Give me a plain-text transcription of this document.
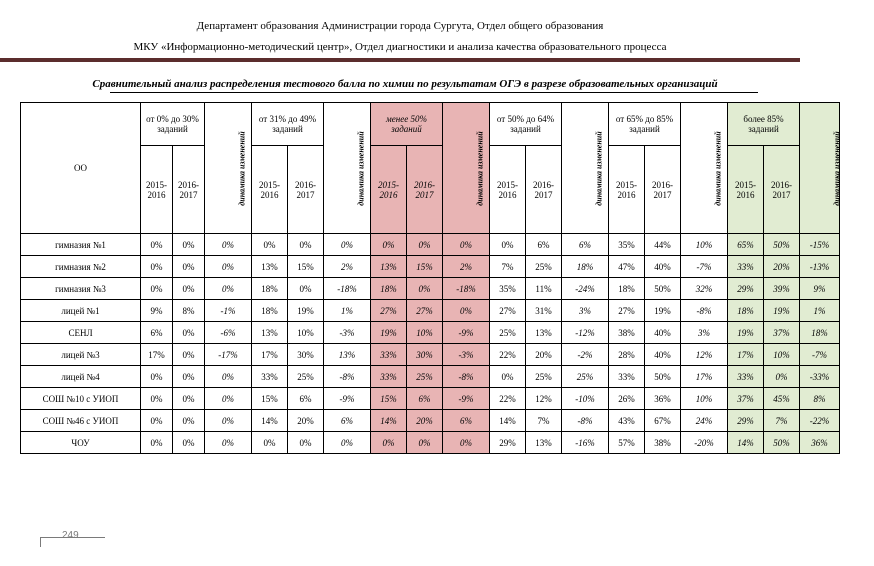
Департамент образования Администрации города Сургута, Отдел общего образования
МКУ «Информационно-методический центр», Отдел диагностики и анализа качества образовательного процесса
Сравнительный анализ распределения тестового балла по химии по результатам ОГЭ в разрезе образовательных организаций
ОО	от 0% до 30% заданий		динамика изменений	от 31% до 49% заданий		динамика изменений	менее 50% заданий		динамика изменений	от 50% до 64% заданий		динамика изменений	от 65% до 85% заданий		динамика изменений	более 85% заданий		динамика изменений
	2015-2016	2016-2017		2015-2016	2016-2017		2015-2016	2016-2017		2015-2016	2016-2017		2015-2016	2016-2017		2015-2016	2016-2017	
гимназия №1	0%	0%	0%	0%	0%	0%	0%	0%	0%	0%	6%	6%	35%	44%	10%	65%	50%	-15%
гимназия №2	0%	0%	0%	13%	15%	2%	13%	15%	2%	7%	25%	18%	47%	40%	-7%	33%	20%	-13%
гимназия №3	0%	0%	0%	18%	0%	-18%	18%	0%	-18%	35%	11%	-24%	18%	50%	32%	29%	39%	9%
лицей №1	9%	8%	-1%	18%	19%	1%	27%	27%	0%	27%	31%	3%	27%	19%	-8%	18%	19%	1%
СЕНЛ	6%	0%	-6%	13%	10%	-3%	19%	10%	-9%	25%	13%	-12%	38%	40%	3%	19%	37%	18%
лицей №3	17%	0%	-17%	17%	30%	13%	33%	30%	-3%	22%	20%	-2%	28%	40%	12%	17%	10%	-7%
лицей №4	0%	0%	0%	33%	25%	-8%	33%	25%	-8%	0%	25%	25%	33%	50%	17%	33%	0%	-33%
СОШ №10 с УИОП	0%	0%	0%	15%	6%	-9%	15%	6%	-9%	22%	12%	-10%	26%	36%	10%	37%	45%	8%
СОШ №46 с УИОП	0%	0%	0%	14%	20%	6%	14%	20%	6%	14%	7%	-8%	43%	67%	24%	29%	7%	-22%
ЧОУ	0%	0%	0%	0%	0%	0%	0%	0%	0%	29%	13%	-16%	57%	38%	-20%	14%	50%	36%
249
